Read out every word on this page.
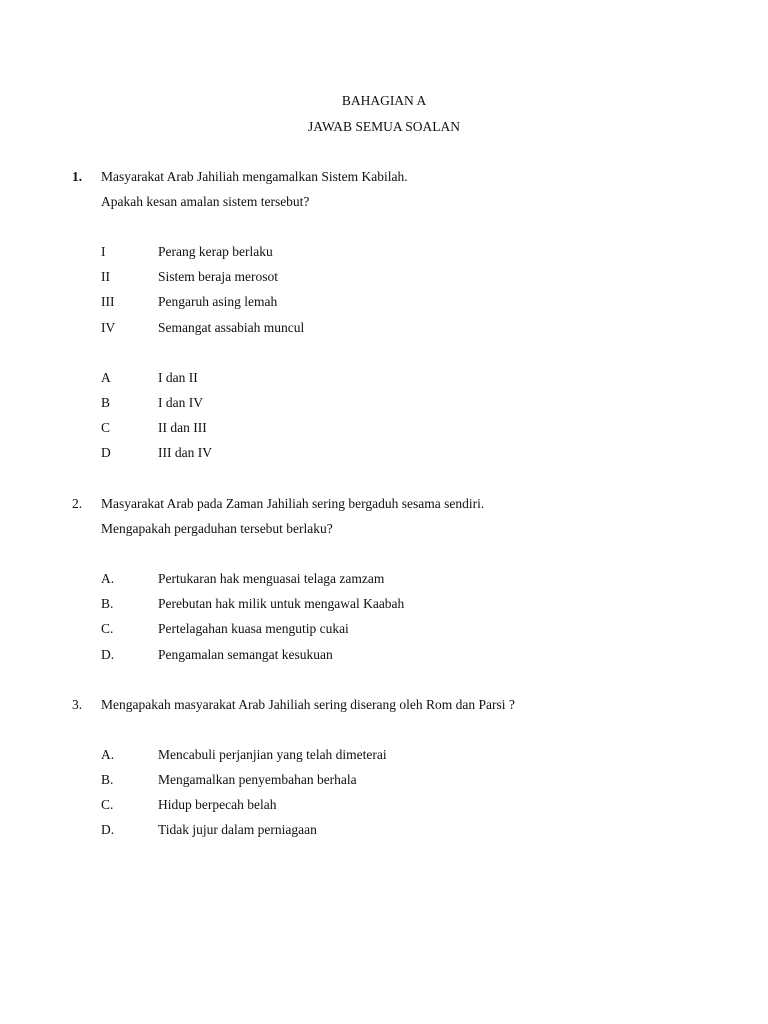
BAHAGIAN A
JAWAB SEMUA SOALAN
1. Masyarakat Arab Jahiliah mengamalkan Sistem Kabilah.
Apakah kesan amalan sistem tersebut?
I	Perang kerap berlaku
II	Sistem beraja merosot
III	Pengaruh asing lemah
IV	Semangat assabiah muncul
A	I dan II
B	I dan IV
C	II dan III
D	III dan IV
2. Masyarakat Arab pada Zaman Jahiliah sering bergaduh sesama sendiri.
Mengapakah pergaduhan tersebut berlaku?
A.	Pertukaran hak menguasai telaga zamzam
B.	Perebutan hak milik untuk mengawal Kaabah
C.	Pertelagahan kuasa mengutip cukai
D.	Pengamalan semangat kesukuan
3. Mengapakah masyarakat Arab Jahiliah sering diserang oleh Rom dan Parsi ?
A.	Mencabuli perjanjian yang telah dimeterai
B.	Mengamalkan penyembahan berhala
C.	Hidup berpecah belah
D.	Tidak jujur dalam perniagaan
